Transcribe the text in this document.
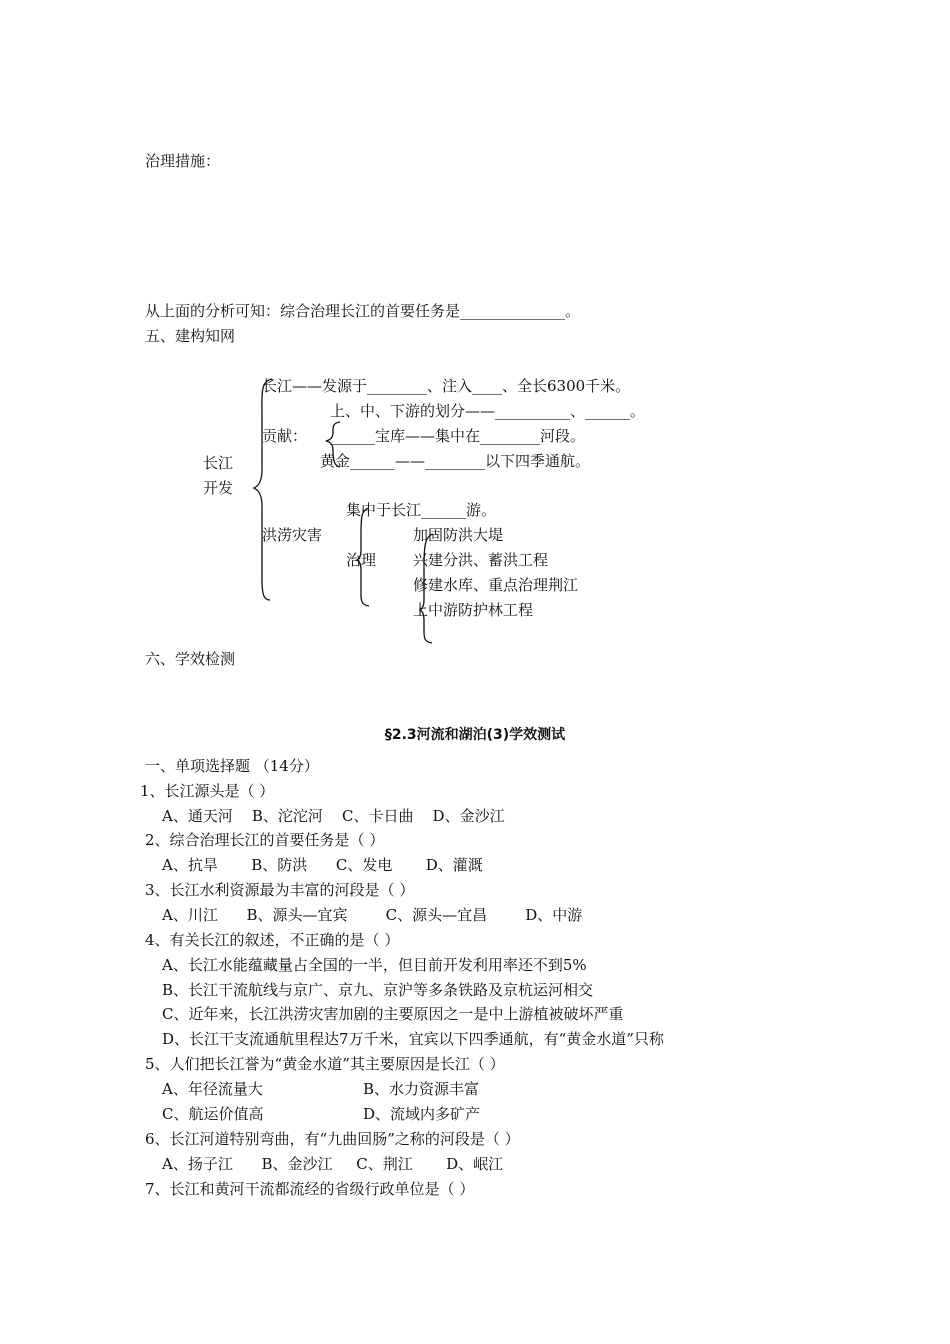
治理措施：
从上面的分析可知：综合治理长江的首要任务是______________。
五、建构知网
长江
开发
长江——发源于________、注入____、全长6300千米。
上、中、下游的划分——__________、______。
贡献： ______宝库——集中在________河段。
黄金______——________以下四季通航。
集中于长江______游。
洪涝灾害
治理
加固防洪大堤
兴建分洪、蓄洪工程
修建水库、重点治理荆江
上中游防护林工程
六、学效检测
§2.3河流和湖泊(3)学效测试
一、单项选择题 （14分）
1、长江源头是（ ）
A、通天河    B、沱沱河    C、卡日曲    D、金沙江
2、综合治理长江的首要任务是（ ）
A、抗旱       B、防洪      C、发电       D、灌溉
3、长江水利资源最为丰富的河段是（ ）
A、川江      B、源头—宜宾        C、源头—宜昌        D、中游
4、有关长江的叙述，不正确的是（ ）
A、长江水能蕴藏量占全国的一半，但目前开发利用率还不到5%
B、长江干流航线与京广、京九、京沪等多条铁路及京杭运河相交
C、近年来，长江洪涝灾害加剧的主要原因之一是中上游植被破坏严重
D、长江干支流通航里程达7万千米，宜宾以下四季通航，有“黄金水道”只称
5、人们把长江誉为“黄金水道”其主要原因是长江（ ）
A、年径流量大	B、水力资源丰富
C、航运价值高	D、流域内多矿产
6、长江河道特别弯曲，有“九曲回肠”之称的河段是（ ）
A、扬子江      B、金沙江     C、荆江       D、岷江
7、长江和黄河干流都流经的省级行政单位是（ ）
